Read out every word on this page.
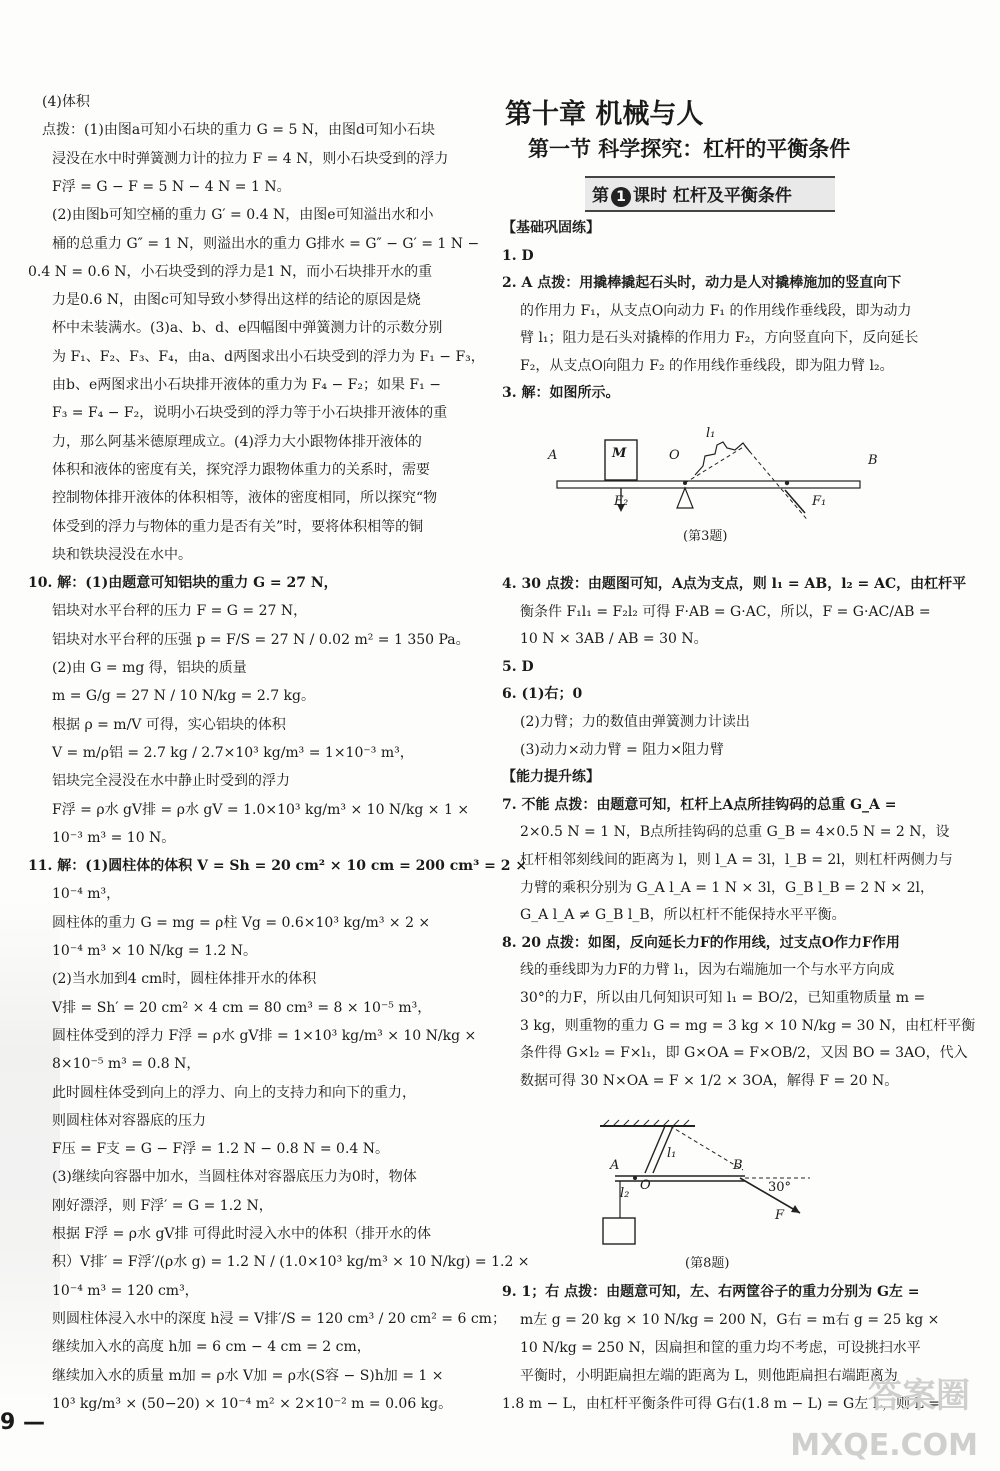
(4)体积
点拨：(1)由图a可知小石块的重力 G = 5 N，由图d可知小石块
浸没在水中时弹簧测力计的拉力 F = 4 N，则小石块受到的浮力
F浮 = G − F = 5 N − 4 N = 1 N。
(2)由图b可知空桶的重力 G′ = 0.4 N，由图e可知溢出水和小
桶的总重力 G″ = 1 N，则溢出水的重力 G排水 = G″ − G′ = 1 N −
0.4 N = 0.6 N，小石块受到的浮力是1 N，而小石块排开水的重
力是0.6 N，由图c可知导致小梦得出这样的结论的原因是烧
杯中未装满水。(3)a、b、d、e四幅图中弹簧测力计的示数分别
为 F₁、F₂、F₃、F₄，由a、d两图求出小石块受到的浮力为 F₁ − F₃，
由b、e两图求出小石块排开液体的重力为 F₄ − F₂；如果 F₁ −
F₃ = F₄ − F₂，说明小石块受到的浮力等于小石块排开液体的重
力，那么阿基米德原理成立。(4)浮力大小跟物体排开液体的
体积和液体的密度有关，探究浮力跟物体重力的关系时，需要
控制物体排开液体的体积相等，液体的密度相同，所以探究“物
体受到的浮力与物体的重力是否有关”时，要将体积相等的铜
块和铁块浸没在水中。
10. 解：(1)由题意可知铝块的重力 G = 27 N，
铝块对水平台秤的压力 F = G = 27 N，
铝块对水平台秤的压强 p = F/S = 27 N / 0.02 m² = 1 350 Pa。
(2)由 G = mg 得，铝块的质量
m = G/g = 27 N / 10 N/kg = 2.7 kg。
根据 ρ = m/V 可得，实心铝块的体积
V = m/ρ铝 = 2.7 kg / 2.7×10³ kg/m³ = 1×10⁻³ m³，
铝块完全浸没在水中静止时受到的浮力
F浮 = ρ水 gV排 = ρ水 gV = 1.0×10³ kg/m³ × 10 N/kg × 1 ×
10⁻³ m³ = 10 N。
11. 解：(1)圆柱体的体积 V = Sh = 20 cm² × 10 cm = 200 cm³ = 2 ×
10⁻⁴ m³，
圆柱体的重力 G = mg = ρ柱 Vg = 0.6×10³ kg/m³ × 2 ×
10⁻⁴ m³ × 10 N/kg = 1.2 N。
(2)当水加到4 cm时，圆柱体排开水的体积
V排 = Sh′ = 20 cm² × 4 cm = 80 cm³ = 8 × 10⁻⁵ m³，
圆柱体受到的浮力 F浮 = ρ水 gV排 = 1×10³ kg/m³ × 10 N/kg ×
8×10⁻⁵ m³ = 0.8 N，
此时圆柱体受到向上的浮力、向上的支持力和向下的重力，
则圆柱体对容器底的压力
F压 = F支 = G − F浮 = 1.2 N − 0.8 N = 0.4 N。
(3)继续向容器中加水，当圆柱体对容器底压力为0时，物体
刚好漂浮，则 F浮′ = G = 1.2 N，
根据 F浮 = ρ水 gV排 可得此时浸入水中的体积（排开水的体
积）V排′ = F浮′/(ρ水 g) = 1.2 N / (1.0×10³ kg/m³ × 10 N/kg) = 1.2 ×
10⁻⁴ m³ = 120 cm³，
则圆柱体浸入水中的深度 h浸 = V排′/S = 120 cm³ / 20 cm² = 6 cm；
继续加入水的高度 h加 = 6 cm − 4 cm = 2 cm，
继续加入水的质量 m加 = ρ水 V加 = ρ水(S容 − S)h加 = 1 ×
10³ kg/m³ × (50−20) × 10⁻⁴ m² × 2×10⁻² m = 0.06 kg。
第十章 机械与人
第一节 科学探究：杠杆的平衡条件
第 1 课时 杠杆及平衡条件
【基础巩固练】
1. D
2. A 点拨：用撬棒撬起石头时，动力是人对撬棒施加的竖直向下
的作用力 F₁，从支点O向动力 F₁ 的作用线作垂线段，即为动力
臂 l₁；阻力是石头对撬棒的作用力 F₂，方向竖直向下，反向延长
F₂，从支点O向阻力 F₂ 的作用线作垂线段，即为阻力臂 l₂。
3. 解：如图所示。
A	M	O	B
F₂	F₁
l₁
(第3题)
4. 30 点拨：由题图可知，A点为支点，则 l₁ = AB，l₂ = AC，由杠杆平
衡条件 F₁l₁ = F₂l₂ 可得 F·AB = G·AC，所以，F = G·AC/AB =
10 N × 3AB / AB = 30 N。
5. D
6. (1)右；0
(2)力臂；力的数值由弹簧测力计读出
(3)动力×动力臂 = 阻力×阻力臂
【能力提升练】
7. 不能 点拨：由题意可知，杠杆上A点所挂钩码的总重 G_A =
2×0.5 N = 1 N，B点所挂钩码的总重 G_B = 4×0.5 N = 2 N，设
杠杆相邻刻线间的距离为 l，则 l_A = 3l，l_B = 2l，则杠杆两侧力与
力臂的乘积分别为 G_A l_A = 1 N × 3l，G_B l_B = 2 N × 2l，
G_A l_A ≠ G_B l_B，所以杠杆不能保持水平平衡。
8. 20 点拨：如图，反向延长力F的作用线，过支点O作力F作用
线的垂线即为力F的力臂 l₁，因为右端施加一个与水平方向成
30°的力F，所以由几何知识可知 l₁ = BO/2，已知重物质量 m =
3 kg，则重物的重力 G = mg = 3 kg × 10 N/kg = 30 N，由杠杆平衡
条件得 G×l₂ = F×l₁，即 G×OA = F×OB/2，又因 BO = 3AO，代入
数据可得 30 N×OA = F × 1/2 × 3OA，解得 F = 20 N。
A
O
B
l₁
l₂	30°
F
(第8题)
9. 1；右 点拨：由题意可知，左、右两筐谷子的重力分别为 G左 =
m左 g = 20 kg × 10 N/kg = 200 N，G右 = m右 g = 25 kg ×
10 N/kg = 250 N，因扁担和筐的重力均不考虑，可设挑扫水平
平衡时，小明距扁担左端的距离为 L，则他距扁担右端距离为
1.8 m − L，由杠杆平衡条件可得 G右(1.8 m − L) = G左 L，则 L =
9 —
答案圈
MXQE.COM
